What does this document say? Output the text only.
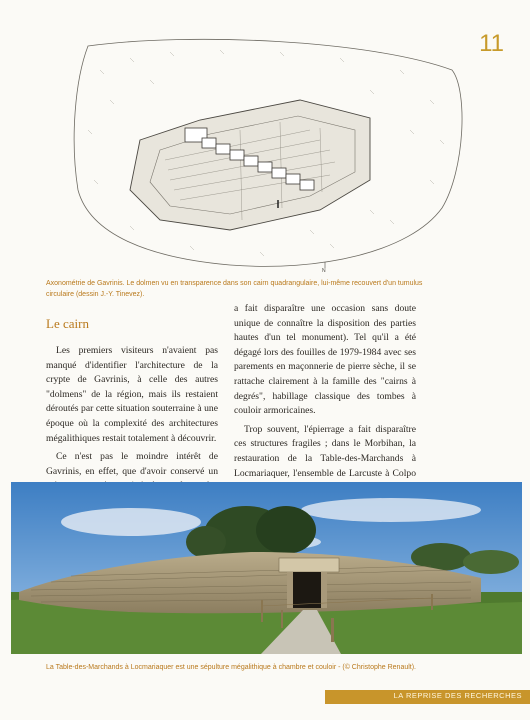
11
N
Axonométrie de Gavrinis. Le dolmen vu en transparence dans son cairn quadrangulaire, lui-même recouvert d'un tumulus circulaire (dessin J.-Y. Tinevez).
Le cairn

Les premiers visiteurs n'avaient pas manqué d'identifier l'architecture de la crypte de Gavrinis, à celle des autres "dolmens" de la région, mais ils restaient déroutés par cette situation souterraine à une époque où la complexité des architectures mégalithiques restait totalement à découvrir.

Ce n'est pas le moindre intérêt de Gavrinis, en effet, que d'avoir conservé un

a fait disparaître une occasion sans doute unique de connaître la disposition des parties hautes d'un tel monument). Tel qu'il a été dégagé lors des fouilles de 1979-1984 avec ses parements en maçonnerie de pierre sèche, il se rattache clairement à la famille des "cairns à degrés", habillage classique des tombes à couloir armoricaines.

Trop souvent, l'épierrage a fait disparaître ces structures fragiles ; dans le Morbihan, la restauration de la Table-des-Marchands à Locmariaquer, l'ensemble de Larcuste à Colpo

La Table-des-Marchands à Locmariaquer est une sépulture mégalithique à chambre et couloir - (© Christophe Renault).
LA REPRISE DES RECHERCHES
